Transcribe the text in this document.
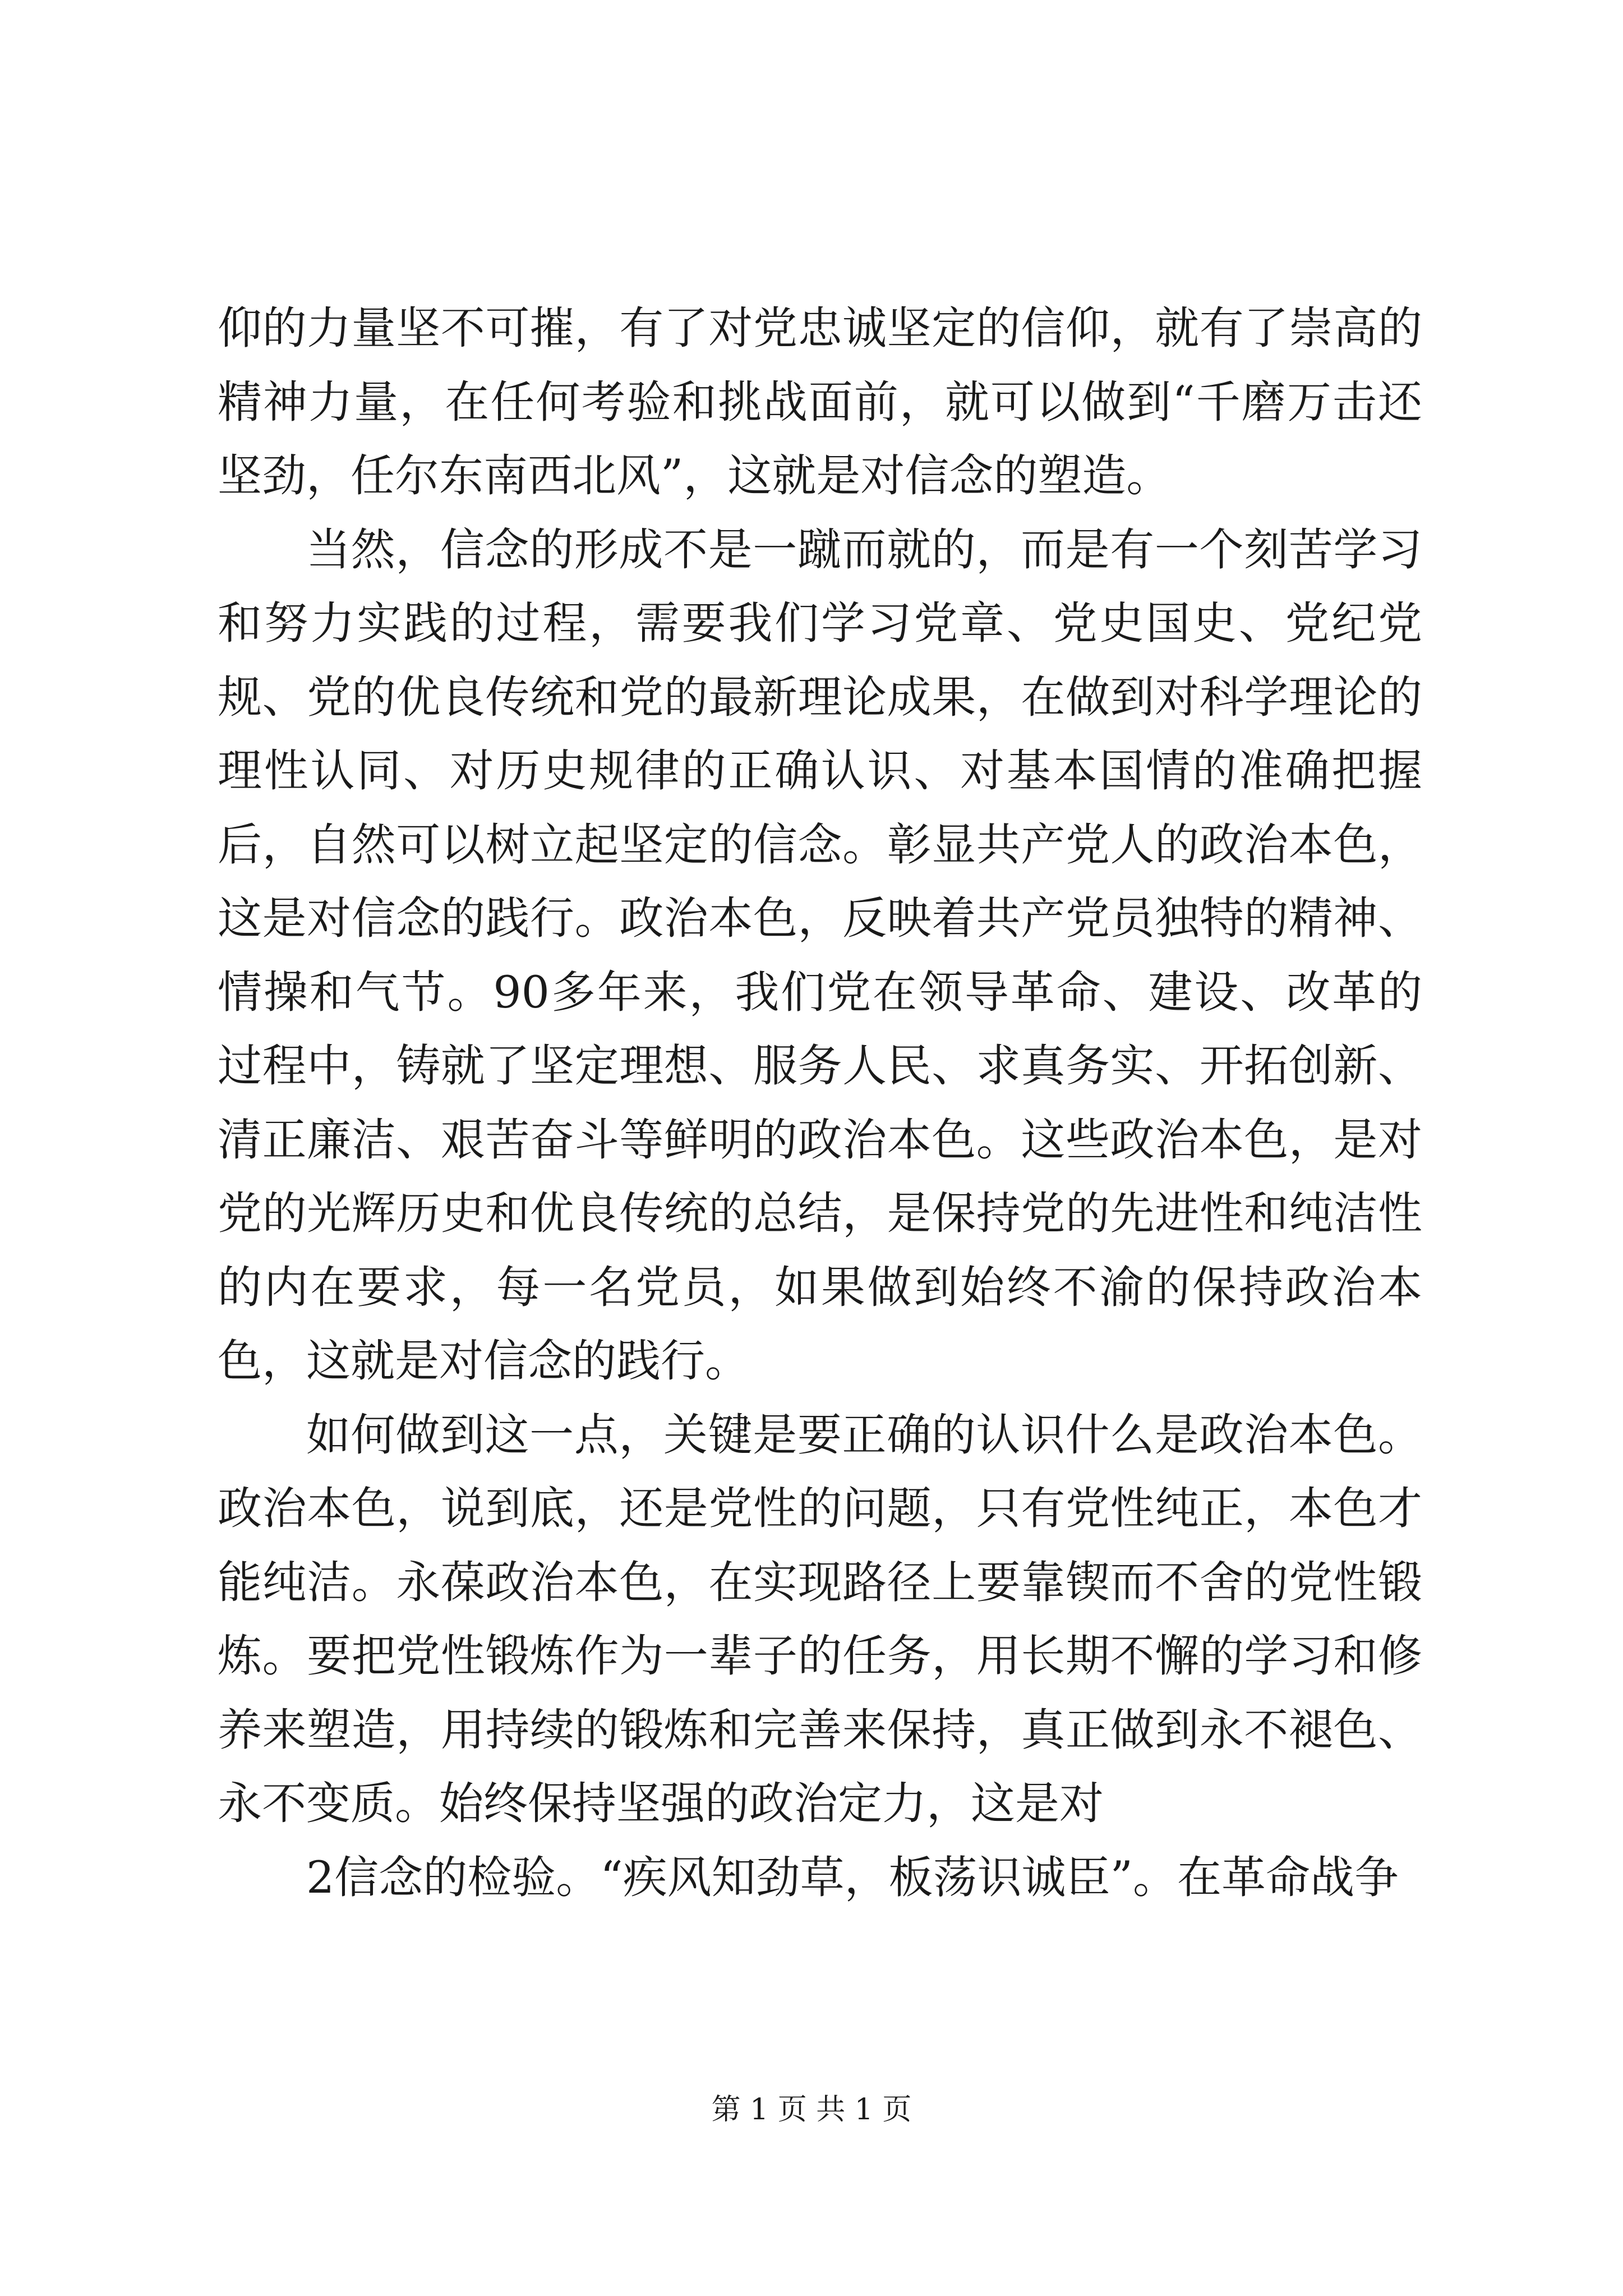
仰的力量坚不可摧，有了对党忠诚坚定的信仰，就有了崇高的精神力量，在任何考验和挑战面前，就可以做到“千磨万击还坚劲，任尔东南西北风”，这就是对信念的塑造。

当然，信念的形成不是一蹴而就的，而是有一个刻苦学习和努力实践的过程，需要我们学习党章、党史国史、党纪党规、党的优良传统和党的最新理论成果，在做到对科学理论的理性认同、对历史规律的正确认识、对基本国情的准确把握后，自然可以树立起坚定的信念。彰显共产党人的政治本色，这是对信念的践行。政治本色，反映着共产党员独特的精神、情操和气节。90多年来，我们党在领导革命、建设、改革的过程中，铸就了坚定理想、服务人民、求真务实、开拓创新、清正廉洁、艰苦奋斗等鲜明的政治本色。这些政治本色，是对党的光辉历史和优良传统的总结，是保持党的先进性和纯洁性的内在要求，每一名党员，如果做到始终不渝的保持政治本色，这就是对信念的践行。

如何做到这一点，关键是要正确的认识什么是政治本色。政治本色，说到底，还是党性的问题，只有党性纯正，本色才能纯洁。永葆政治本色，在实现路径上要靠锲而不舍的党性锻炼。要把党性锻炼作为一辈子的任务，用长期不懈的学习和修养来塑造，用持续的锻炼和完善来保持，真正做到永不褪色、永不变质。始终保持坚强的政治定力，这是对

2信念的检验。“疾风知劲草，板荡识诚臣”。在革命战争

第 1 页 共 1 页
